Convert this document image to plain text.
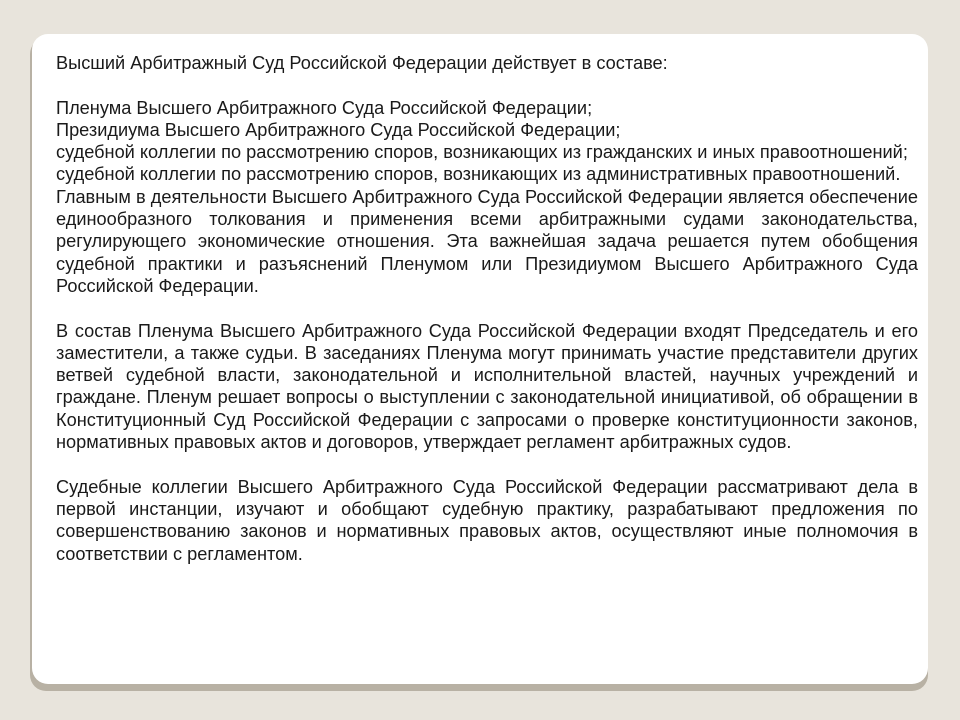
Высший Арбитражный Суд Российской Федерации действует в составе:

Пленума Высшего Арбитражного Суда Российской Федерации;

Президиума Высшего Арбитражного Суда Российской Федерации;

судебной коллегии по рассмотрению споров, возникающих из гражданских и иных правоотношений;

судебной коллегии по рассмотрению споров, возникающих из административных правоотношений.

Главным в деятельности Высшего Арбитражного Суда Российской Федерации является обеспечение единообразного толкования и применения всеми арбитражными судами законодательства, регулирующего экономические отношения. Эта важнейшая задача решается путем обобщения судебной практики и разъяснений Пленумом или Президиумом Высшего Арбитражного Суда Российской Федерации.

В состав Пленума Высшего Арбитражного Суда Российской Федерации входят Председатель и его заместители, а также судьи. В заседаниях Пленума могут принимать участие представители других ветвей судебной власти, законодательной и исполнительной властей, научных учреждений и граждане. Пленум решает вопросы о выступлении с законодательной инициативой, об обращении в Конституционный Суд Российской Федерации с запросами о проверке конституционности законов, нормативных правовых актов и договоров, утверждает регламент арбитражных судов.

Судебные коллегии Высшего Арбитражного Суда Российской Федерации рассматривают дела в первой инстанции, изучают и обобщают судебную практику, разрабатывают предложения по совершенствованию законов и нормативных правовых актов, осуществляют иные полномочия в соответствии с регламентом.
